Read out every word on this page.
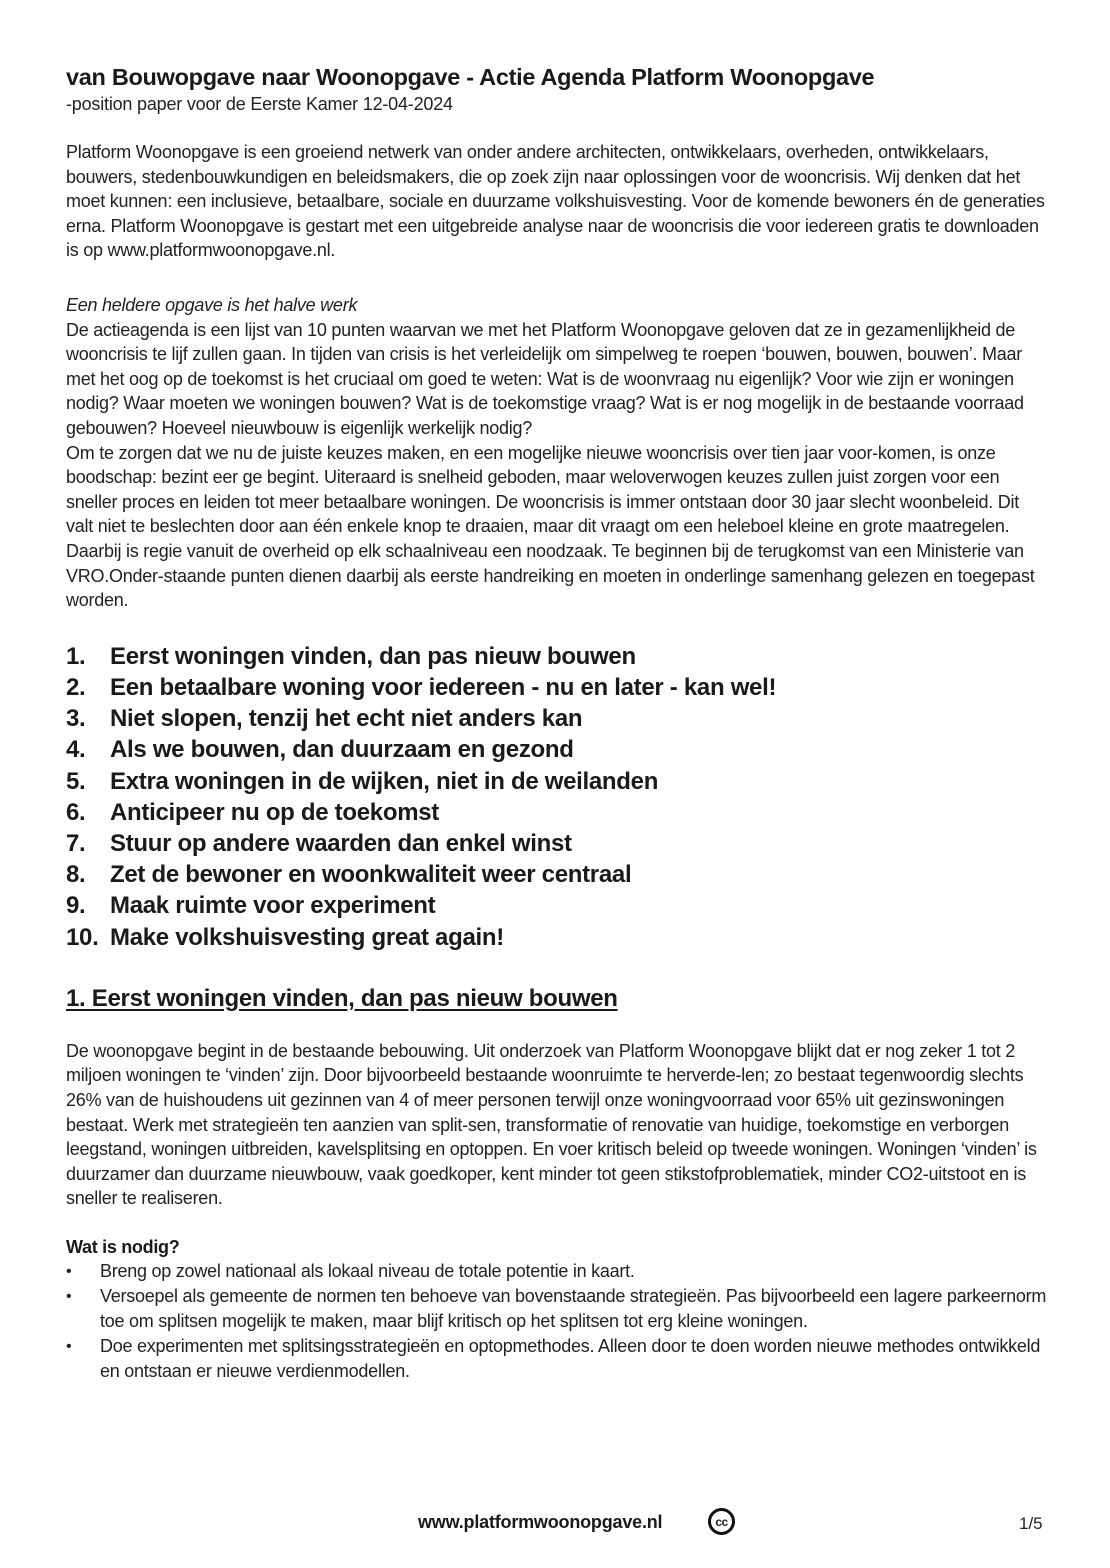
van Bouwopgave naar Woonopgave - Actie Agenda Platform Woonopgave
-position paper voor de Eerste Kamer 12-04-2024

Platform Woonopgave is een groeiend netwerk van onder andere architecten, ontwikkelaars, overheden, ontwikkelaars, bouwers, stedenbouwkundigen en beleidsmakers, die op zoek zijn naar oplossingen voor de wooncrisis. Wij denken dat het moet kunnen: een inclusieve, betaalbare, sociale en duurzame volkshuisvesting. Voor de komende bewoners én de generaties erna. Platform Woonopgave is gestart met een uitgebreide analyse naar de wooncrisis die voor iedereen gratis te downloaden is op www.platformwoonopgave.nl.

Een heldere opgave is het halve werk

De actieagenda is een lijst van 10 punten waarvan we met het Platform Woonopgave geloven dat ze in gezamenlijkheid de wooncrisis te lijf zullen gaan. In tijden van crisis is het verleidelijk om simpelweg te roepen ‘bouwen, bouwen, bouwen’. Maar met het oog op de toekomst is het cruciaal om goed te weten: Wat is de woonvraag nu eigenlijk? Voor wie zijn er woningen nodig? Waar moeten we woningen bouwen? Wat is de toekomstige vraag? Wat is er nog mogelijk in de bestaande voorraad gebouwen? Hoeveel nieuwbouw is eigenlijk werkelijk nodig?

Om te zorgen dat we nu de juiste keuzes maken, en een mogelijke nieuwe wooncrisis over tien jaar voor-komen, is onze boodschap: bezint eer ge begint. Uiteraard is snelheid geboden, maar weloverwogen keuzes zullen juist zorgen voor een sneller proces en leiden tot meer betaalbare woningen. De wooncrisis is immer ontstaan door 30 jaar slecht woonbeleid. Dit valt niet te beslechten door aan één enkele knop te draaien, maar dit vraagt om een heleboel kleine en grote maatregelen. Daarbij is regie vanuit de overheid op elk schaalniveau een noodzaak. Te beginnen bij de terugkomst van een Ministerie van VRO.Onder-staande punten dienen daarbij als eerste handreiking en moeten in onderlinge samenhang gelezen en toegepast worden.

1.	Eerst woningen vinden, dan pas nieuw bouwen
2.	Een betaalbare woning voor iedereen - nu en later - kan wel!
3.	Niet slopen, tenzij het echt niet anders kan
4.	Als we bouwen, dan duurzaam en gezond
5.	Extra woningen in de wijken, niet in de weilanden
6.	Anticipeer nu op de toekomst
7.	Stuur op andere waarden dan enkel winst
8.	Zet de bewoner en woonkwaliteit weer centraal
9.	Maak ruimte voor experiment
10. Make volkshuisvesting great again!
1. Eerst woningen vinden, dan pas nieuw bouwen

De woonopgave begint in de bestaande bebouwing. Uit onderzoek van Platform Woonopgave blijkt dat er nog zeker 1 tot 2 miljoen woningen te ‘vinden’ zijn. Door bijvoorbeeld bestaande woonruimte te herverde-len; zo bestaat tegenwoordig slechts 26% van de huishoudens uit gezinnen van 4 of meer personen terwijl onze woningvoorraad voor 65% uit gezinswoningen bestaat. Werk met strategieën ten aanzien van split-sen, transformatie of renovatie van huidige, toekomstige en verborgen leegstand, woningen uitbreiden, kavelsplitsing en optoppen. En voer kritisch beleid op tweede woningen. Woningen ‘vinden’ is duurzamer dan duurzame nieuwbouw, vaak goedkoper, kent minder tot geen stikstofproblematiek, minder CO2-uitstoot en is sneller te realiseren.

Wat is nodig?
•	Breng op zowel nationaal als lokaal niveau de totale potentie in kaart.
•	Versoepel als gemeente de normen ten behoeve van bovenstaande strategieën. Pas bijvoorbeeld een lagere parkeernorm toe om splitsen mogelijk te maken, maar blijf kritisch op het splitsen tot erg kleine woningen.
•	Doe experimenten met splitsingsstrategieën en optopmethodes. Alleen door te doen worden nieuwe methodes ontwikkeld en ontstaan er nieuwe verdienmodellen.
www.platformwoonopgave.nl	cc	1/5
